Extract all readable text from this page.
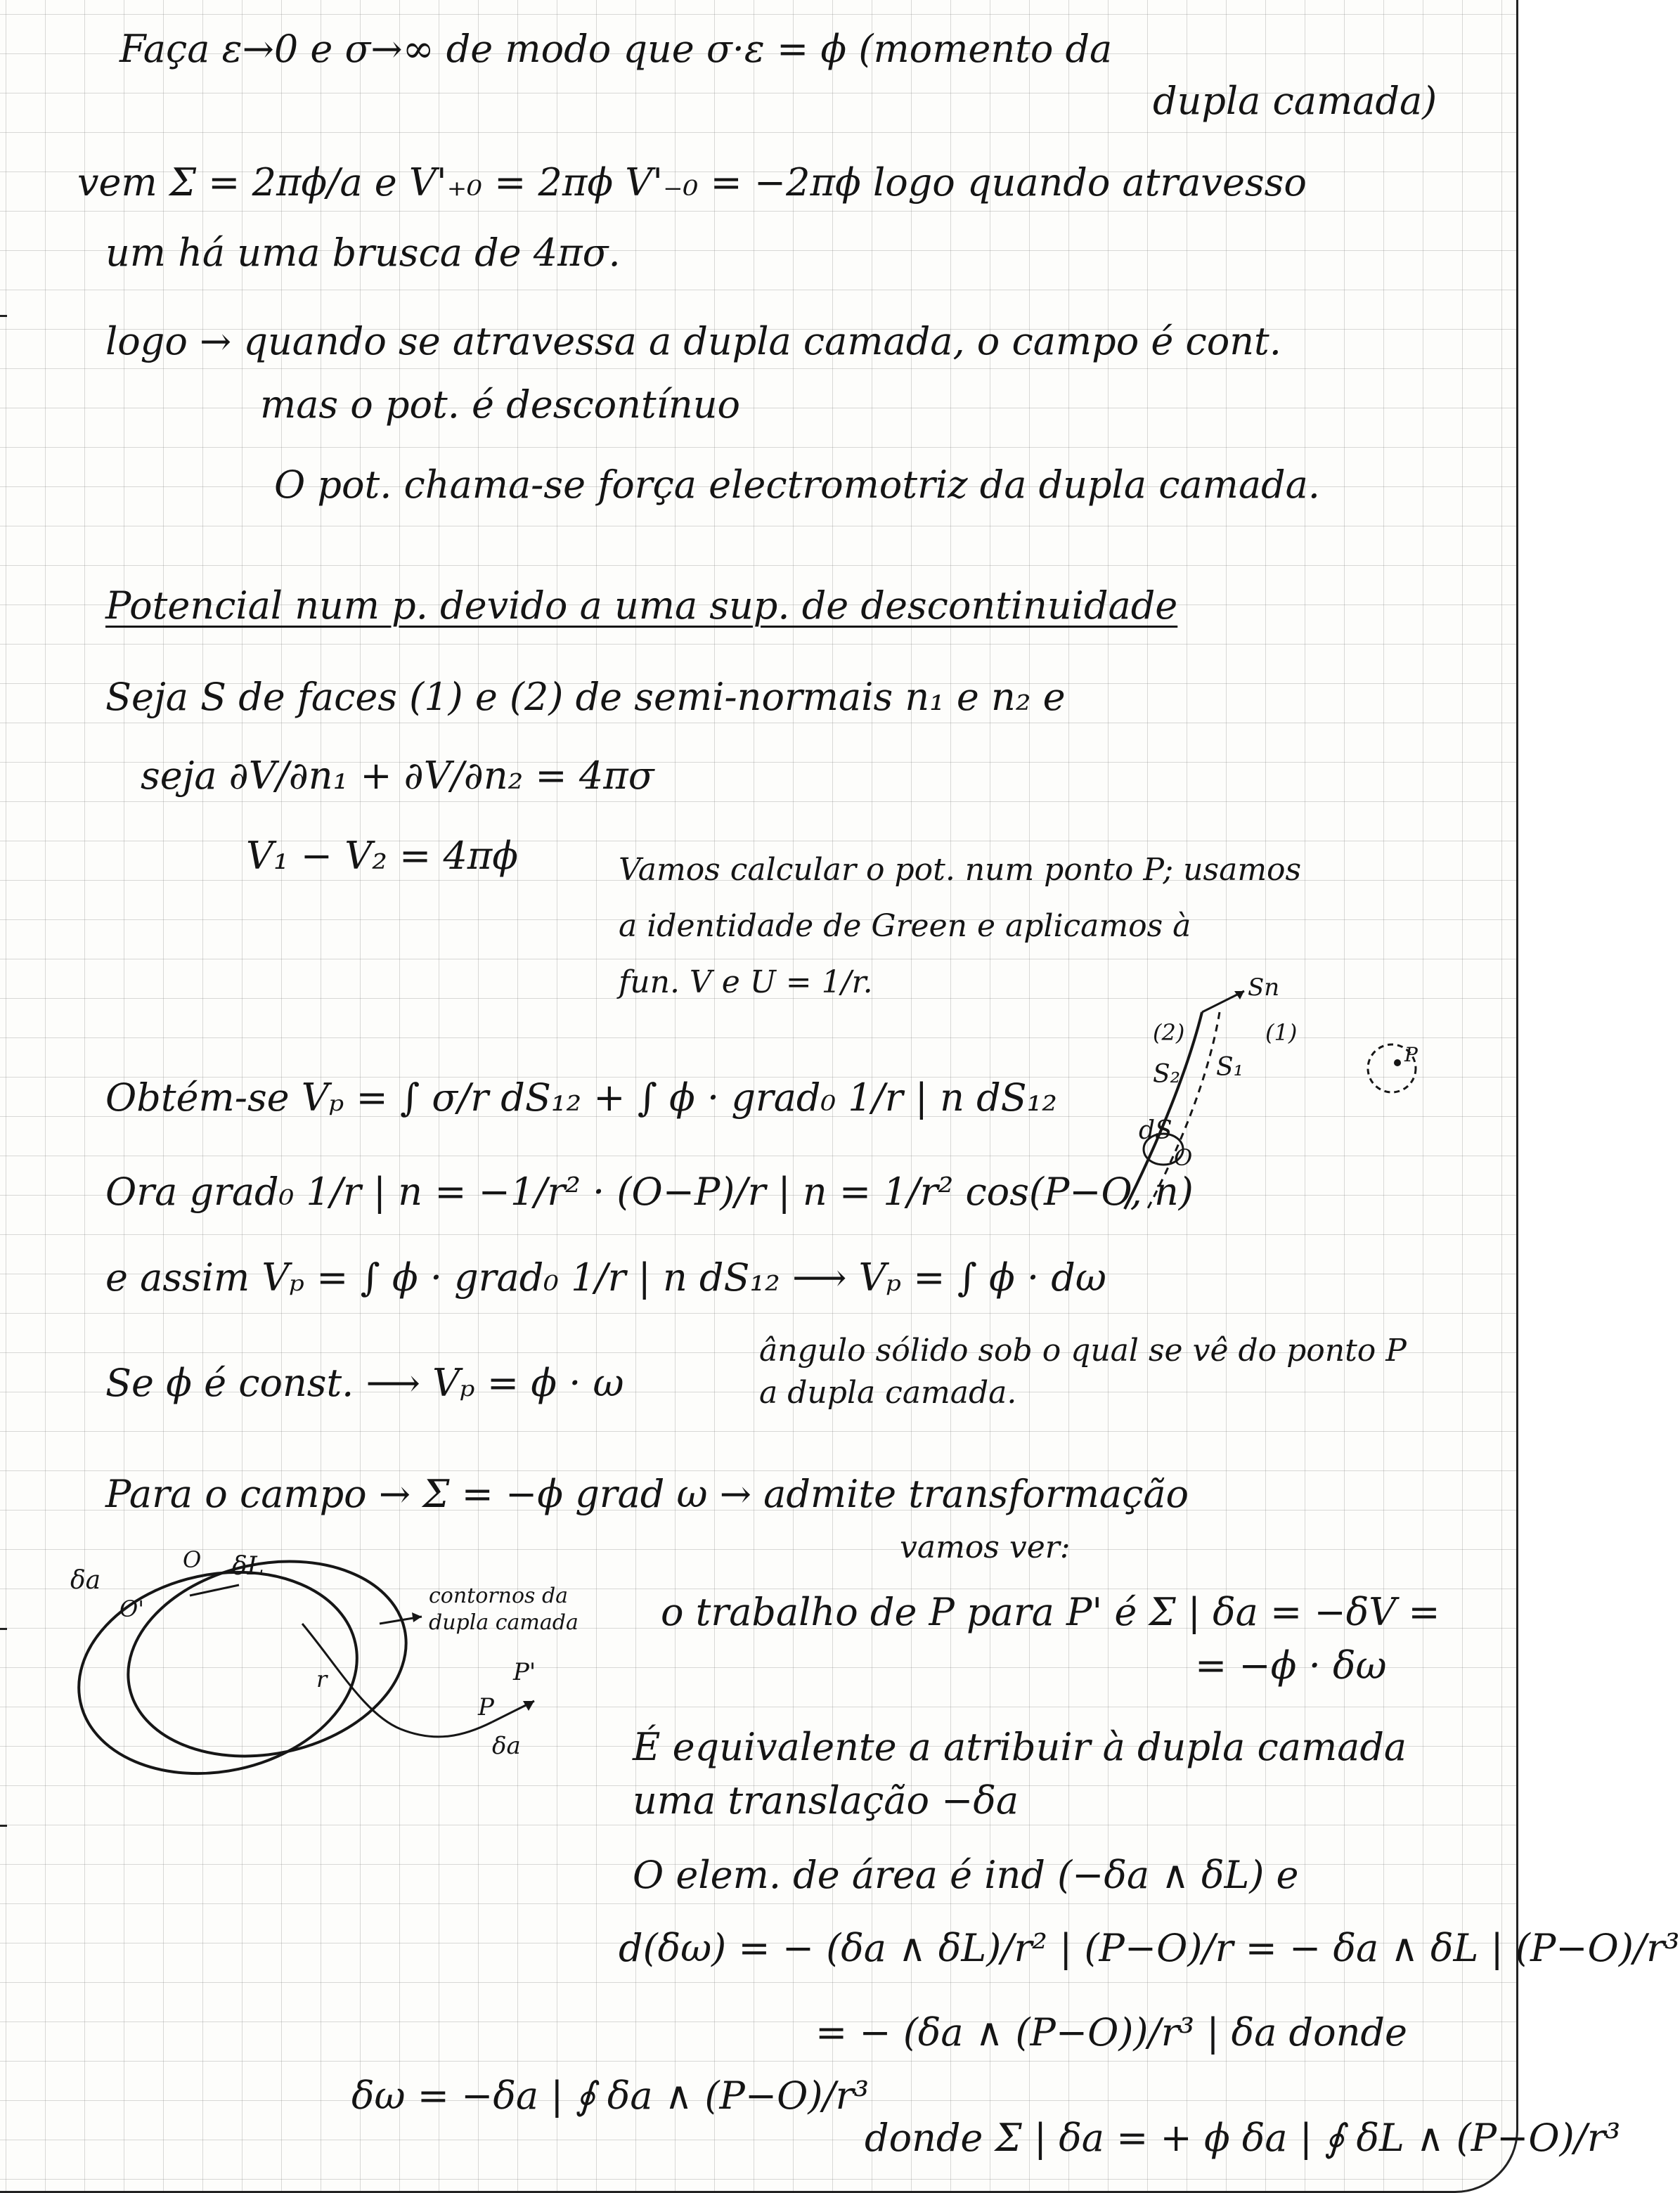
Faça ε→0 e σ→∞ de modo que σ·ε = ϕ (momento da
dupla camada)
vem Σ = 2πϕ/a e V'₊₀ = 2πϕ V'₋₀ = −2πϕ logo quando atravesso
um há uma brusca de 4πσ.
logo → quando se atravessa a dupla camada, o campo é cont.
mas o pot. é descontínuo
O pot. chama-se força electromotriz da dupla camada.
Potencial num p. devido a uma sup. de descontinuidade
Seja S de faces (1) e (2) de semi-normais n₁ e n₂ e
seja ∂V/∂n₁ + ∂V/∂n₂ = 4πσ
V₁ − V₂ = 4πϕ	Vamos calcular o pot. num ponto P; usamos
a identidade de Green e aplicamos à
fun. V e U = 1/r.
Obtém-se Vₚ = ∫ σ/r dS₁₂ + ∫ ϕ · grad₀ 1/r | n dS₁₂
Ora grad₀ 1/r | n = −1/r² · (O−P)/r | n = 1/r² cos(P−O, n)
e assim Vₚ = ∫ ϕ · grad₀ 1/r | n dS₁₂ ⟶ Vₚ = ∫ ϕ · dω
Se ϕ é const. ⟶ Vₚ = ϕ · ω
ângulo sólido sob o qual se vê do ponto P
a dupla camada.
Para o campo → Σ = −ϕ grad ω → admite transformação
vamos ver:
o trabalho de P para P' é Σ | δa = −δV =
= −ϕ · δω
É equivalente a atribuir à dupla camada
uma translação −δa
O elem. de área é ind (−δa ∧ δL) e
d(δω) = − (δa ∧ δL)/r² | (P−O)/r = − δa ∧ δL | (P−O)/r³
= − (δa ∧ (P−O))/r³ | δa donde
δω = −δa | ∮ δa ∧ (P−O)/r³
donde Σ | δa = + ϕ δa | ∮ δL ∧ (P−O)/r³
Sn
(1)
(2)
S₂ S₁
dS
O
P
δa
O δL
O'	contornos da
dupla camada
P'
r
P
δa
